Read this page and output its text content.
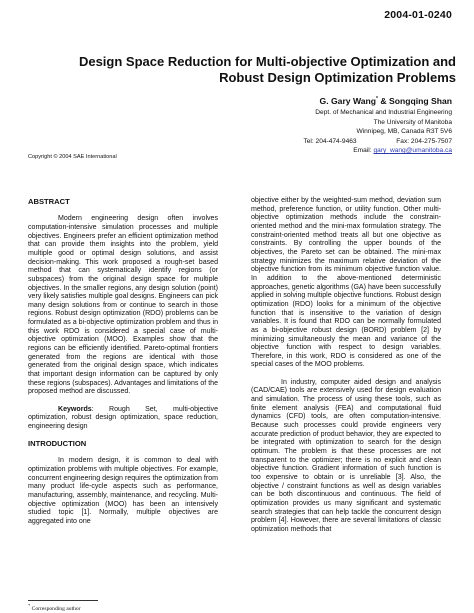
2004-01-0240
Design Space Reduction for Multi-objective Optimization and
Robust Design Optimization Problems
G. Gary Wang* & Songqing Shan
Dept. of Mechanical and Industrial Engineering
The University of Manitoba
Winnipeg, MB, Canada R3T 5V6
Tel: 204-474-9463	Fax: 204-275-7507
Email: gary_wang@umanitoba.ca
Copyright © 2004 SAE International
ABSTRACT

Modern engineering design often involves computation-intensive simulation processes and multiple objectives. Engineers prefer an efficient optimization method that can provide them insights into the problem, yield multiple good or optimal design solutions, and assist decision-making. This work proposed a rough-set based method that can systematically identify regions (or subspaces) from the original design space for multiple objectives. In the smaller regions, any design solution (point) very likely satisfies multiple goal designs. Engineers can pick many design solutions from or continue to search in those regions. Robust design optimization (RDO) problems can be formulated as a bi-objective optimization problem and thus in this work RDO is considered a special case of multi-objective optimization (MOO). Examples show that the regions can be efficiently identified. Pareto-optimal frontiers generated from the regions are identical with those generated from the original design space, which indicates that important design information can be captured by only these regions (subspaces). Advantages and limitations of the proposed method are discussed.

Keywords: Rough Set, multi-objective optimization, robust design optimization, space reduction, engineering design

INTRODUCTION

In modern design, it is common to deal with optimization problems with multiple objectives. For example, concurrent engineering design requires the optimization from many product life-cycle aspects such as performance, manufacturing, assembly, maintenance, and recycling. Multi-objective optimization (MOO) has been an intensively studied topic [1]. Normally, multiple objectives are aggregated into one

objective either by the weighted-sum method, deviation sum method, preference function, or utility function. Other multi-objective optimization methods include the constrain-oriented method and the mini-max formulation strategy. The constraint-oriented method treats all but one objective as constraints. By controlling the upper bounds of the objectives, the Pareto set can be obtained. The mini-max strategy minimizes the maximum relative deviation of the objective function from its minimum objective function value. In addition to the above-mentioned deterministic approaches, genetic algorithms (GA) have been successfully applied in solving multiple objective functions. Robust design optimization (RDO) looks for a minimum of the objective function that is insensitive to the variation of design variables. It is found that RDO can be normally formulated as a bi-objective robust design (BORD) problem [2] by minimizing simultaneously the mean and variance of the objective function with respect to design variables. Therefore, in this work, RDO is considered as one of the special cases of the MOO problems.

In industry, computer aided design and analysis (CAD/CAE) tools are extensively used for design evaluation and simulation. The process of using these tools, such as finite element analysis (FEA) and computational fluid dynamics (CFD) tools, are often computation-intensive. Because such processes could provide engineers very accurate prediction of product behavior, they are expected to be integrated with optimization to search for the design optimum. The problem is that these processes are not transparent to the optimizer; there is no explicit and clean objective function. Gradient information of such function is too expensive to obtain or is unreliable [3]. Also, the objective / constraint functions as well as design variables can be both discontinuous and continuous. The field of optimization provides us many significant and systematic search strategies that can help tackle the concurrent design problem [4]. However, there are several limitations of classic optimization methods that

* Corresponding author
